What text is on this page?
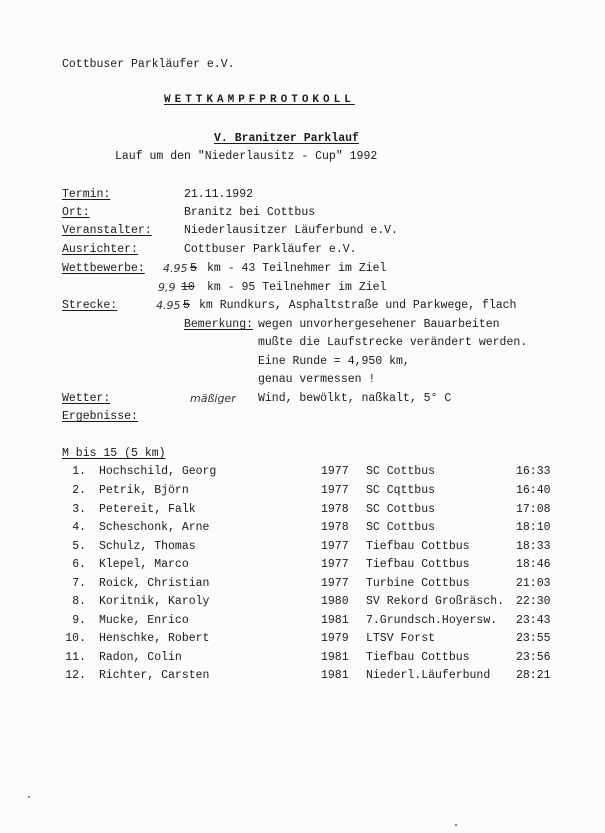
Cottbuser Parkläufer e.V.
WETTKAMPFPROTOKOLL
V. Branitzer Parklauf
Lauf um den "Niederlausitz - Cup" 1992
Termin:	21.11.1992
Ort:	Branitz bei Cottbus
Veranstalter:	Niederlausitzer Läuferbund e.V.
Ausrichter:	Cottbuser Parkläufer e.V.
Wettbewerbe: 4.95 5 km - 43 Teilnehmer im Ziel
9,9 10 km - 95 Teilnehmer im Ziel
Strecke:	4.95 5 km Rundkurs, Asphaltstraße und Parkwege, flach
Bemerkung: wegen unvorhergesehener Bauarbeiten
mußte die Laufstrecke verändert werden.
Eine Runde = 4,950 km,
genau vermessen !
Wetter:	mäßiger Wind, bewölkt, naßkalt, 5° C
Ergebnisse:
M bis 15 (5 km)
1. Hochschild, Georg	1977 SC Cottbus	16:33
2. Petrik, Björn	1977 SC Cqttbus	16:40
3. Petereit, Falk	1978 SC Cottbus	17:08
4. Scheschonk, Arne	1978 SC Cottbus	18:10
5. Schulz, Thomas	1977 Tiefbau Cottbus	18:33
6. Klepel, Marco	1977 Tiefbau Cottbus	18:46
7. Roick, Christian	1977 Turbine Cottbus	21:03
8. Koritnik, Karoly	1980 SV Rekord Großräsch. 22:30
9. Mucke, Enrico	1981 7.Grundsch.Hoyersw. 23:43
10. Henschke, Robert	1979 LTSV Forst	23:55
11. Radon, Colin	1981 Tiefbau Cottbus	23:56
12. Richter, Carsten	1981 Niederl.Läuferbund 28:21
